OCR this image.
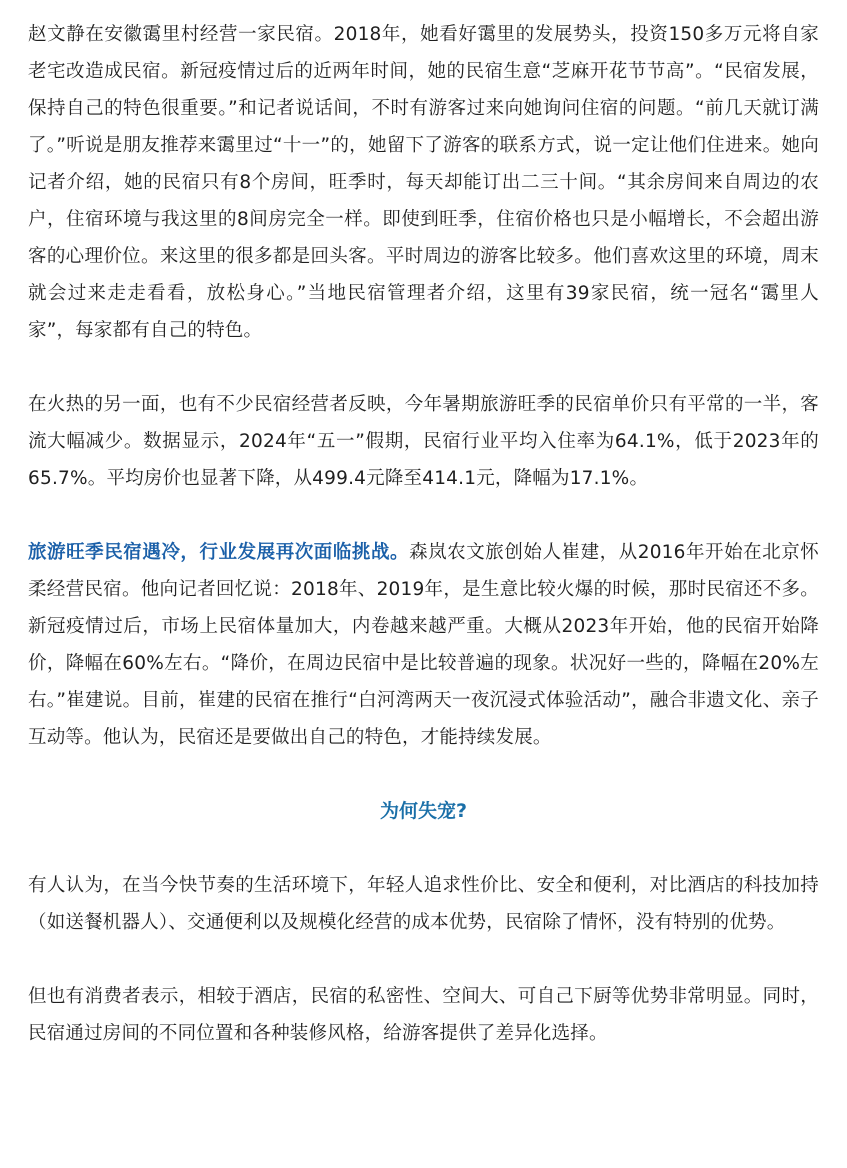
赵文静在安徽霭里村经营一家民宿。2018年，她看好霭里的发展势头，投资150多万元将自家老宅改造成民宿。新冠疫情过后的近两年时间，她的民宿生意“芝麻开花节节高”。“民宿发展，保持自己的特色很重要。”和记者说话间，不时有游客过来向她询问住宿的问题。“前几天就订满了。”听说是朋友推荐来霭里过“十一”的，她留下了游客的联系方式，说一定让他们住进来。她向记者介绍，她的民宿只有8个房间，旺季时，每天却能订出二三十间。“其余房间来自周边的农户，住宿环境与我这里的8间房完全一样。即使到旺季，住宿价格也只是小幅增长，不会超出游客的心理价位。来这里的很多都是回头客。平时周边的游客比较多。他们喜欢这里的环境，周末就会过来走走看看，放松身心。”当地民宿管理者介绍，这里有39家民宿，统一冠名“霭里人家”，每家都有自己的特色。

在火热的另一面，也有不少民宿经营者反映，今年暑期旅游旺季的民宿单价只有平常的一半，客流大幅减少。数据显示，2024年“五一”假期，民宿行业平均入住率为64.1%，低于2023年的65.7%。平均房价也显著下降，从499.4元降至414.1元，降幅为17.1%。

旅游旺季民宿遇冷，行业发展再次面临挑战。森岚农文旅创始人崔建，从2016年开始在北京怀柔经营民宿。他向记者回忆说：2018年、2019年，是生意比较火爆的时候，那时民宿还不多。新冠疫情过后，市场上民宿体量加大，内卷越来越严重。大概从2023年开始，他的民宿开始降价，降幅在60%左右。“降价，在周边民宿中是比较普遍的现象。状况好一些的，降幅在20%左右。”崔建说。目前，崔建的民宿在推行“白河湾两天一夜沉浸式体验活动”，融合非遗文化、亲子互动等。他认为，民宿还是要做出自己的特色，才能持续发展。

为何失宠?

有人认为，在当今快节奏的生活环境下，年轻人追求性价比、安全和便利，对比酒店的科技加持（如送餐机器人）、交通便利以及规模化经营的成本优势，民宿除了情怀，没有特别的优势。

但也有消费者表示，相较于酒店，民宿的私密性、空间大、可自己下厨等优势非常明显。同时，民宿通过房间的不同位置和各种装修风格，给游客提供了差异化选择。
